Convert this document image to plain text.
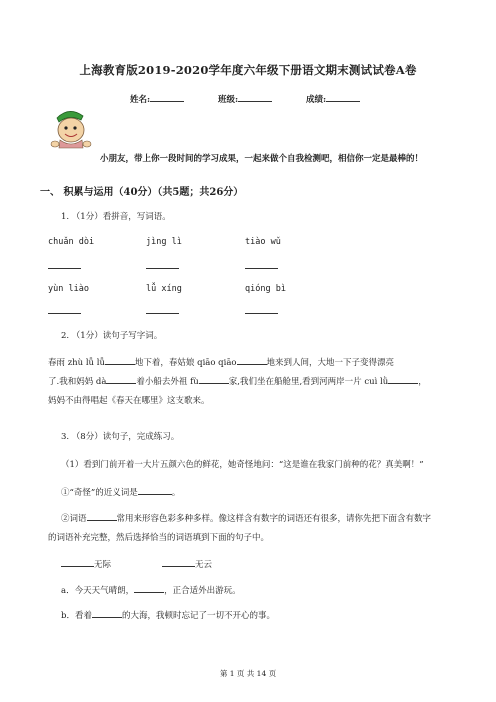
上海教育版2019-2020学年度六年级下册语文期末测试试卷A卷
姓名:	班级:	成绩:
小朋友，带上你一段时间的学习成果，一起来做个自我检测吧，相信你一定是最棒的！
一、 积累与运用（40分）（共5题；共26分）
1. （1分）看拼音，写词语。
chuǎn dòi	jìng lì	tiào wǔ
yùn liào	lǚ xíng	qióng bì
2. （1分）读句子写字词。
春雨 zhù lǚ lǚ	地下着，春姑娘 qiāo qiāo	地来到人间，大地一下子变得漂亮
了.我和妈妈 dà	着小船去外祖 fù	家,我们坐在船舱里,看到河两岸一片 cuì lǜ	，
妈妈不由得唱起《春天在哪里》这支歌来。
3. （8分）读句子，完成练习。
（1）看到门前开着一大片五颜六色的鲜花，她奇怪地问：“这是谁在我家门前种的花？真美啊！”
①“奇怪”的近义词是	。
②词语	常用来形容色彩多种多样。像这样含有数字的词语还有很多，请你先把下面含有数字
的词语补充完整，然后选择恰当的词语填到下面的句子中。
无际	无云
a．今天天气晴朗，	，正合适外出游玩。
b．看着	的大海，我顿时忘记了一切不开心的事。
第 1 页 共 14 页
